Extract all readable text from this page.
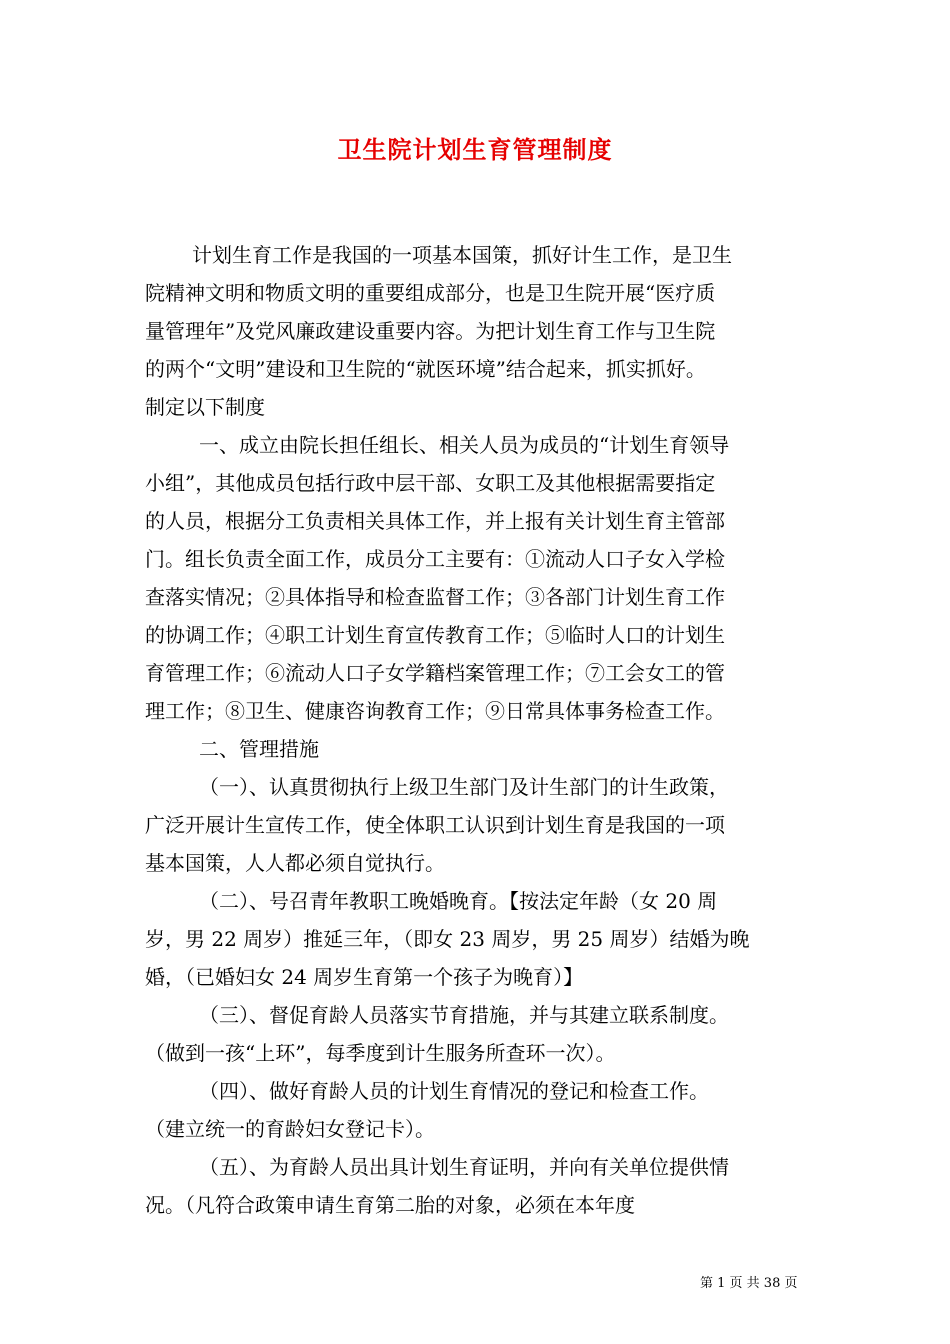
卫生院计划生育管理制度

计划生育工作是我国的一项基本国策，抓好计生工作，是卫生

院精神文明和物质文明的重要组成部分，也是卫生院开展“医疗质

量管理年”及党风廉政建设重要内容。为把计划生育工作与卫生院

的两个“文明”建设和卫生院的“就医环境”结合起来，抓实抓好。

制定以下制度

一、成立由院长担任组长、相关人员为成员的“计划生育领导

小组”，其他成员包括行政中层干部、女职工及其他根据需要指定

的人员，根据分工负责相关具体工作，并上报有关计划生育主管部

门。组长负责全面工作，成员分工主要有：①流动人口子女入学检

查落实情况；②具体指导和检查监督工作；③各部门计划生育工作

的协调工作；④职工计划生育宣传教育工作；⑤临时人口的计划生

育管理工作；⑥流动人口子女学籍档案管理工作；⑦工会女工的管

理工作；⑧卫生、健康咨询教育工作；⑨日常具体事务检查工作。

二、管理措施

（一）、认真贯彻执行上级卫生部门及计生部门的计生政策，

广泛开展计生宣传工作，使全体职工认识到计划生育是我国的一项

基本国策，人人都必须自觉执行。

（二）、号召青年教职工晚婚晚育。【按法定年龄（女 20 周

岁，男 22 周岁）推延三年，（即女 23 周岁，男 25 周岁）结婚为晚

婚，（已婚妇女 24 周岁生育第一个孩子为晚育）】

（三）、督促育龄人员落实节育措施，并与其建立联系制度。

（做到一孩“上环”，每季度到计生服务所查环一次）。

（四）、做好育龄人员的计划生育情况的登记和检查工作。

（建立统一的育龄妇女登记卡）。

（五）、为育龄人员出具计划生育证明，并向有关单位提供情

况。（凡符合政策申请生育第二胎的对象，必须在本年度

第 1 页 共 38 页
